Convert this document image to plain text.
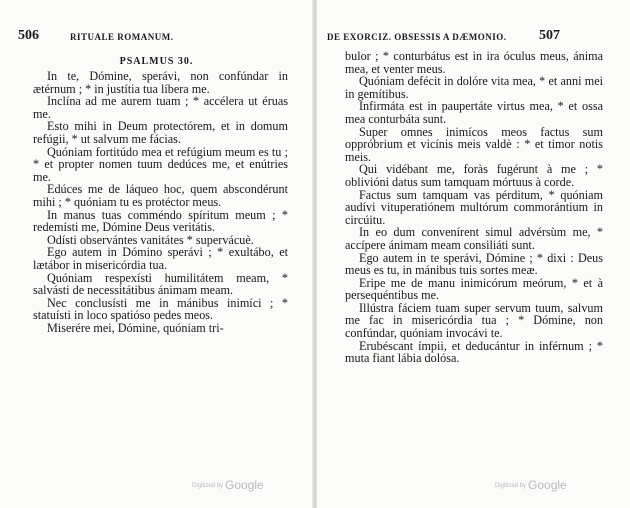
506	RITUALE ROMANUM.
PSALMUS 30.

In te, Dómine, sperávi, non confúndar in ætérnum ; * in justítia tua líbera me.

Inclína ad me aurem tuam ; * accélera ut éruas me.

Esto mihi in Deum protectórem, et in domum refúgii, * ut salvum me fácias.

Quóniam fortitúdo mea et refúgium meum es tu ; * et propter nomen tuum dedúces me, et enútries me.

Edúces me de láqueo hoc, quem abscondérunt mihi ; * quóniam tu es protéctor meus.

In manus tuas comméndo spíritum meum ; * redemísti me, Dómine Deus veritátis.

Odísti observántes vanitátes * supervácuè.

Ego autem in Dómino sperávi ; * exultábo, et lætábor in misericórdia tua.

Quóniam respexísti humilitátem meam, * salvásti de necessitátibus ánimam meam.

Nec conclusísti me in mánibus inimíci ; * statuísti in loco spatióso pedes meos.

Miserére mei, Dómine, quóniam tri-

Digitized by Google
DE EXORCIZ. OBSESSIS A DÆMONIO. 507

bulor ; * conturbátus est in ira óculus meus, ánima mea, et venter meus.

Quóniam defécit in dolóre vita mea, * et anni mei in gemítibus.

Infirmáta est in paupertáte virtus mea, * et ossa mea conturbáta sunt.

Super omnes inimícos meos factus sum oppróbrium et vicínis meis valdè : * et timor notis meis.

Qui vidébant me, foràs fugérunt à me ; * oblivióni datus sum tamquam mórtuus à corde.

Factus sum tamquam vas pérditum, * quóniam audívi vituperatiónem multórum commorántium in circúitu.

In eo dum convenírent simul advérsùm me, * accípere ánimam meam consiliáti sunt.

Ego autem in te sperávi, Dómine ; * dixi : Deus meus es tu, in mánibus tuis sortes meæ.

Eripe me de manu inimicórum meórum, * et à persequéntibus me.

Illústra fáciem tuam super servum tuum, salvum me fac in misericórdia tua ; * Dómine, non confúndar, quóniam invocávi te.

Erubéscant ímpii, et deducántur in inférnum ; * muta fiant lábia dolósa.

Digitized by Google
